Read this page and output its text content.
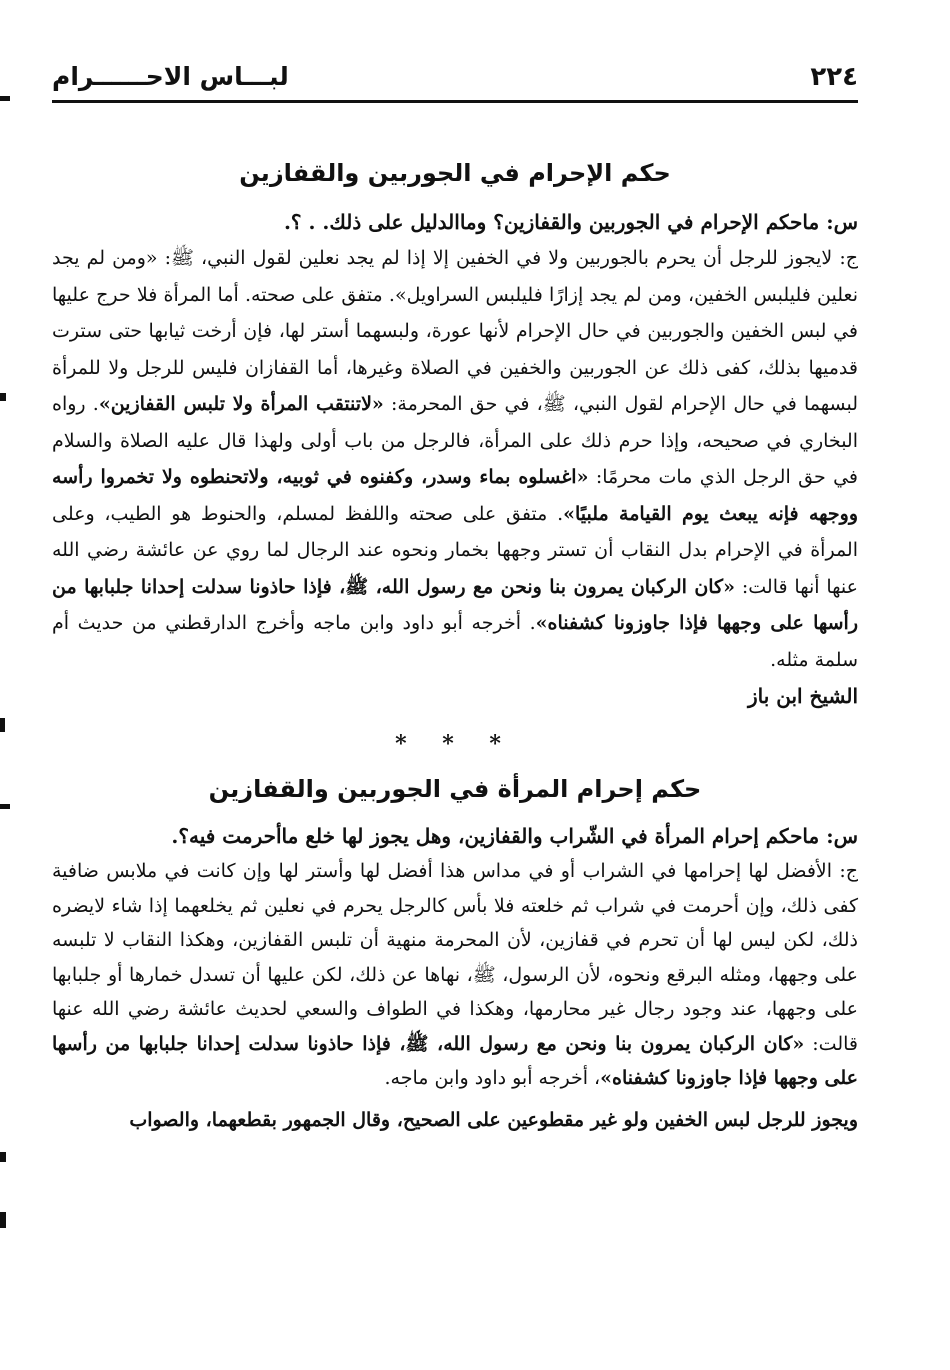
٢٢٤
لبـــاس الاحــــــرام
حكم الإحرام في الجوربين والقفازين

س: ماحكم الإحرام في الجوربين والقفازين؟ وماالدليل على ذلك. . ؟.

ج: لايجوز للرجل أن يحرم بالجوربين ولا في الخفين إلا إذا لم يجد نعلين لقول النبي، ﷺ: «ومن لم يجد نعلين فليلبس الخفين، ومن لم يجد إزارًا فليلبس السراويل». متفق على صحته. أما المرأة فلا حرج عليها في لبس الخفين والجوربين في حال الإحرام لأنها عورة، ولبسهما أستر لها، فإن أرخت ثيابها حتى سترت قدميها بذلك، كفى ذلك عن الجوربين والخفين في الصلاة وغيرها، أما القفازان فليس للرجل ولا للمرأة لبسهما في حال الإحرام لقول النبي، ﷺ، في حق المحرمة: «لاتنتقب المرأة ولا تلبس القفازين». رواه البخاري في صحيحه، وإذا حرم ذلك على المرأة، فالرجل من باب أولى ولهذا قال عليه الصلاة والسلام في حق الرجل الذي مات محرمًا: «اغسلوه بماء وسدر، وكفنوه في ثوبيه، ولاتحنطوه ولا تخمروا رأسه ووجهه فإنه يبعث يوم القيامة ملبيًا». متفق على صحته واللفظ لمسلم، والحنوط هو الطيب، وعلى المرأة في الإحرام بدل النقاب أن تستر وجهها بخمار ونحوه عند الرجال لما روي عن عائشة رضي الله عنها أنها قالت: «كان الركبان يمرون بنا ونحن مع رسول الله، ﷺ، فإذا حاذونا سدلت إحدانا جلبابها من رأسها على وجهها فإذا جاوزونا كشفناه». أخرجه أبو داود وابن ماجه وأخرج الدارقطني من حديث أم سلمة مثله.

الشيخ ابن باز

* * *
حكم إحرام المرأة في الجوربين والقفازين

س: ماحكم إحرام المرأة في الشّراب والقفازين، وهل يجوز لها خلع ماأحرمت فيه؟.

ج: الأفضل لها إحرامها في الشراب أو في مداس هذا أفضل لها وأستر لها وإن كانت في ملابس ضافية كفى ذلك، وإن أحرمت في شراب ثم خلعته فلا بأس كالرجل يحرم في نعلين ثم يخلعهما إذا شاء لايضره ذلك، لكن ليس لها أن تحرم في قفازين، لأن المحرمة منهية أن تلبس القفازين، وهكذا النقاب لا تلبسه على وجهها، ومثله البرقع ونحوه، لأن الرسول، ﷺ، نهاها عن ذلك، لكن عليها أن تسدل خمارها أو جلبابها على وجهها، عند وجود رجال غير محارمها، وهكذا في الطواف والسعي لحديث عائشة رضي الله عنها قالت: «كان الركبان يمرون بنا ونحن مع رسول الله، ﷺ، فإذا حاذونا سدلت إحدانا جلبابها من رأسها على وجهها فإذا جاوزونا كشفناه»، أخرجه أبو داود وابن ماجه.

ويجوز للرجل لبس الخفين ولو غير مقطوعين على الصحيح، وقال الجمهور بقطعهما، والصواب
